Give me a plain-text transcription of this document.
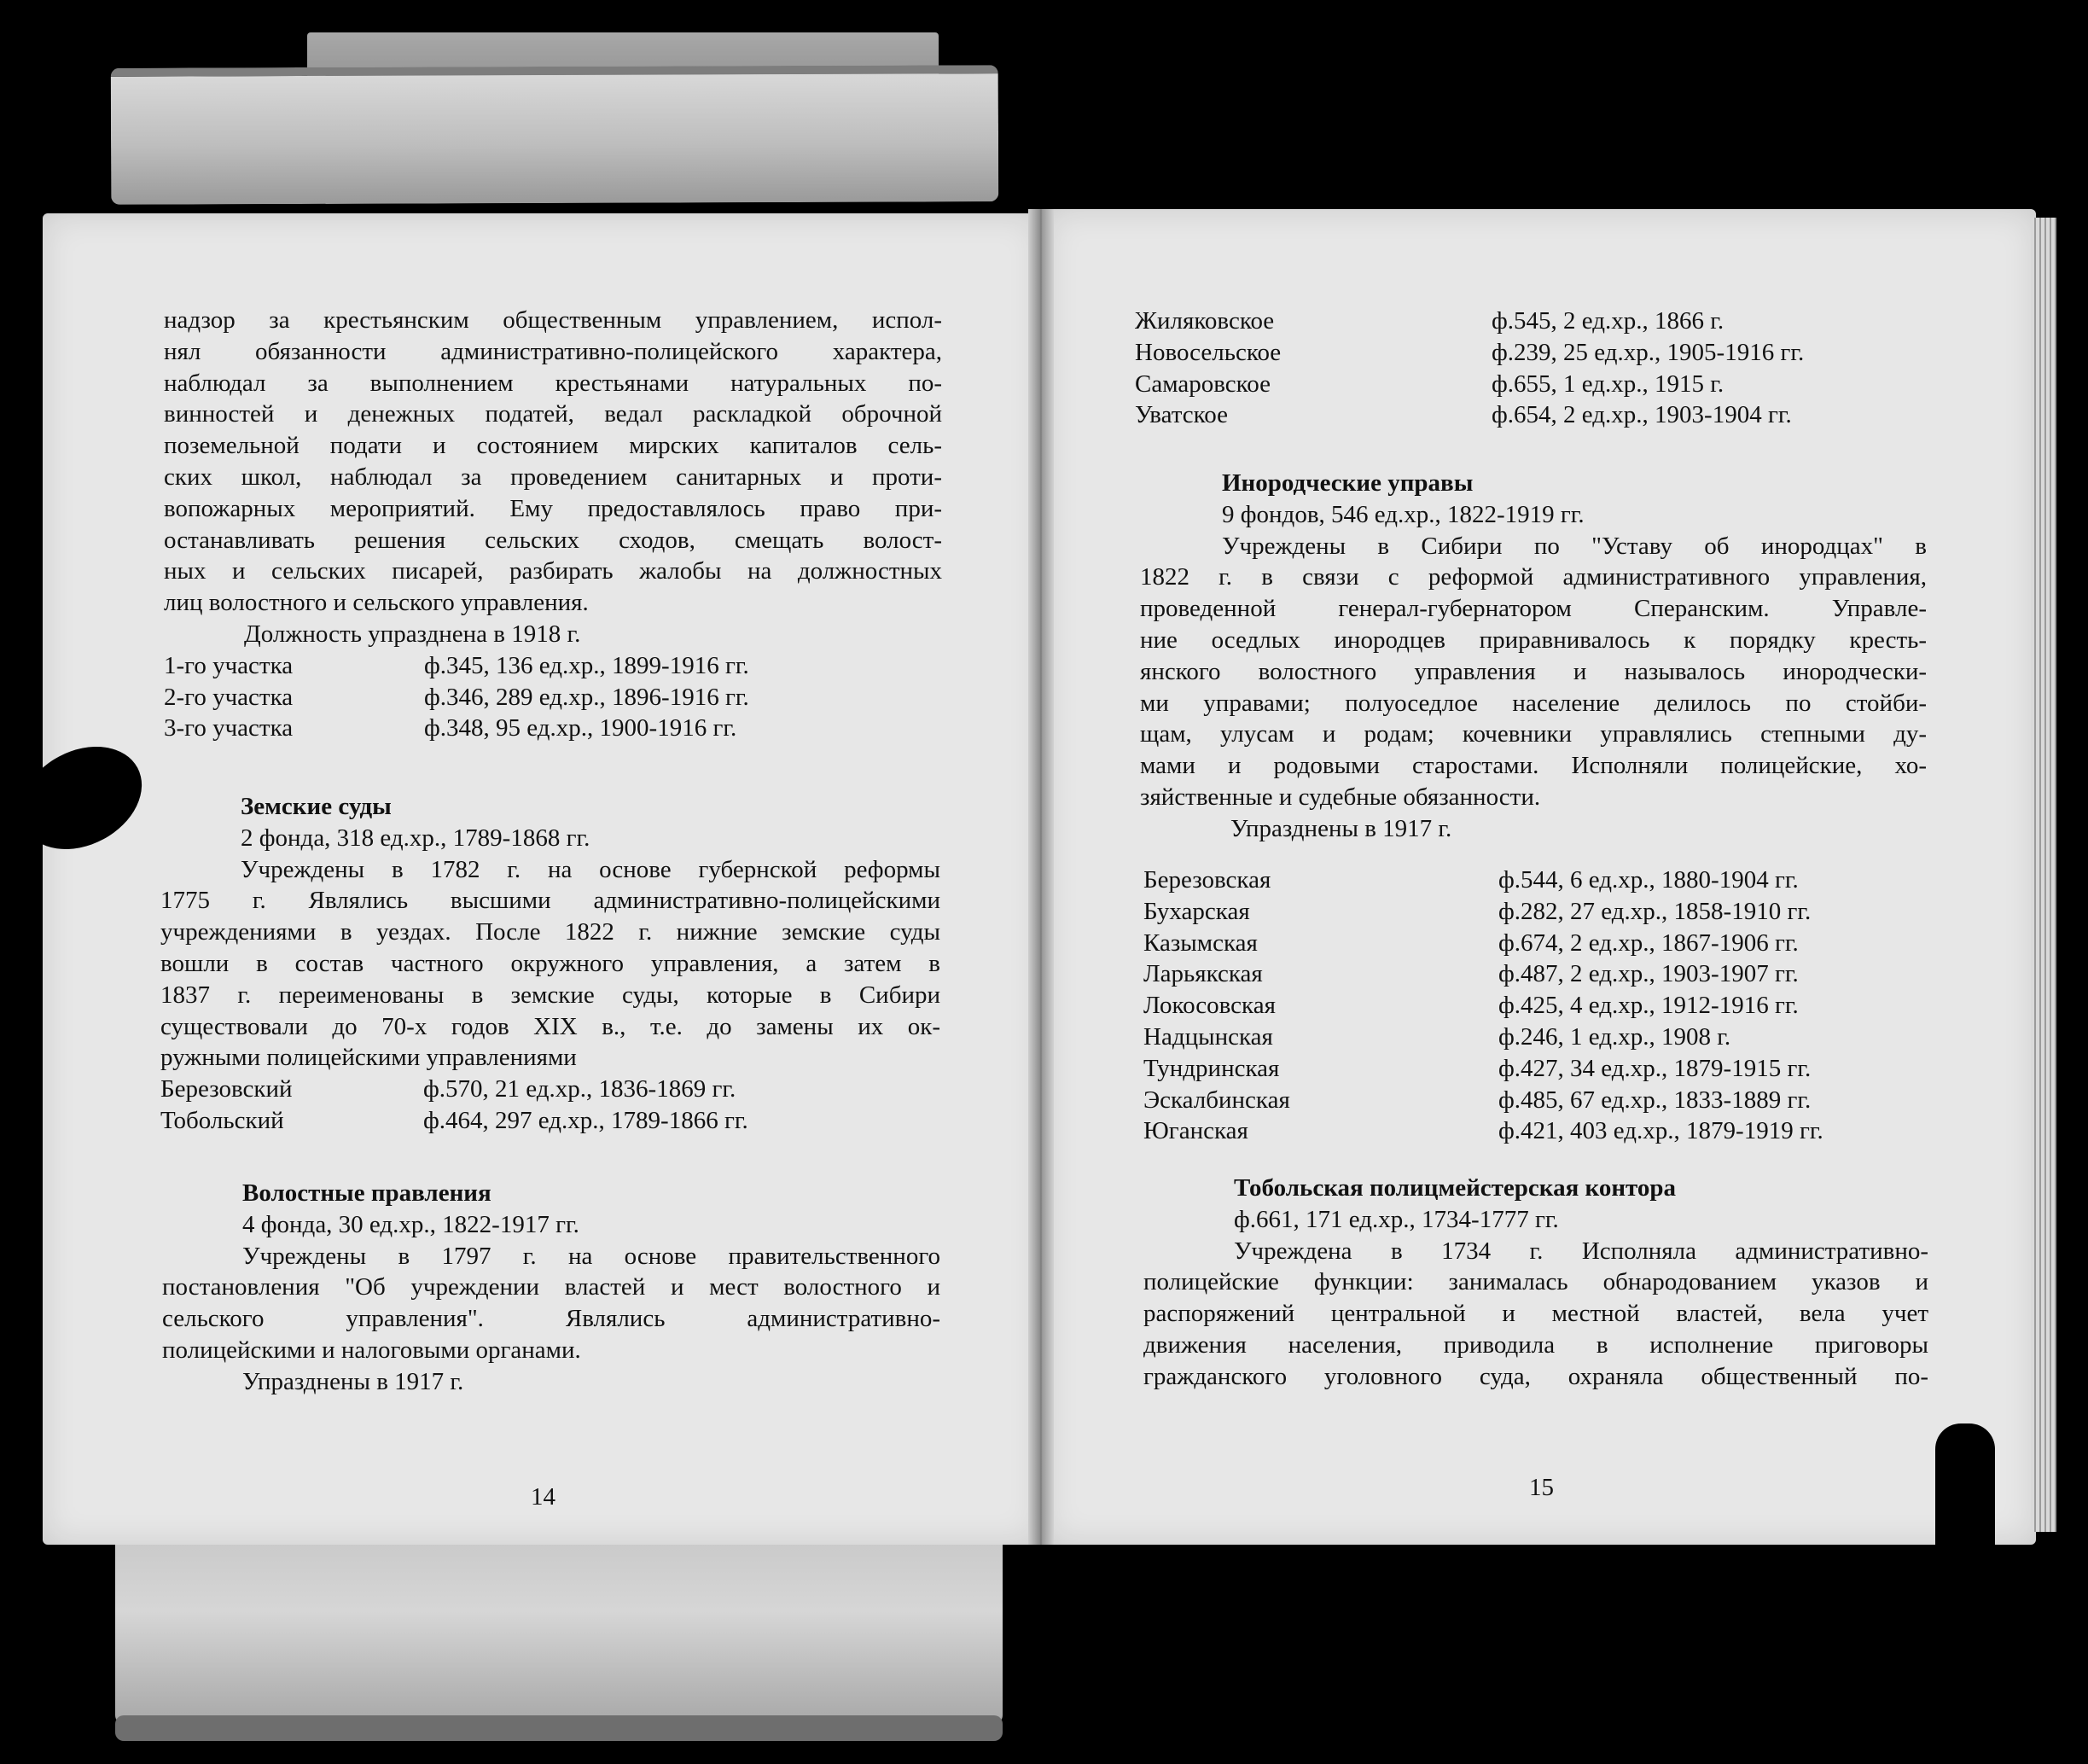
надзор за крестьянским общественным управлением, испол-
нял обязанности административно-полицейского характера,
наблюдал за выполнением крестьянами натуральных по-
винностей и денежных податей, ведал раскладкой оброчной
поземельной подати и состоянием мирских капиталов сель-
ских школ, наблюдал за проведением санитарных и проти-
вопожарных мероприятий. Ему предоставлялось право при-
останавливать решения сельских сходов, смещать волост-
ных и сельских писарей, разбирать жалобы на должностных
лиц волостного и сельского управления.
Должность упразднена в 1918 г.
1-го участка	ф.345, 136 ед.хр., 1899-1916 гг.
2-го участка	ф.346, 289 ед.хр., 1896-1916 гг.
3-го участка	ф.348, 95 ед.хр., 1900-1916 гг.
Земские суды
2 фонда, 318 ед.хр., 1789-1868 гг.
Учреждены в 1782 г. на основе губернской реформы
1775 г. Являлись высшими административно-полицейскими
учреждениями в уездах. После 1822 г. нижние земские суды
вошли в состав частного окружного управления, а затем в
1837 г. переименованы в земские суды, которые в Сибири
существовали до 70-х годов XIX в., т.е. до замены их ок-
ружными полицейскими управлениями
Березовский	ф.570, 21 ед.хр., 1836-1869 гг.
Тобольский	ф.464, 297 ед.хр., 1789-1866 гг.
Волостные правления
4 фонда, 30 ед.хр., 1822-1917 гг.
Учреждены в 1797 г. на основе правительственного
постановления "Об учреждении властей и мест волостного и
сельского управления". Являлись административно-
полицейскими и налоговыми органами.
Упразднены в 1917 г.
14
Жиляковское	ф.545, 2 ед.хр., 1866 г.
Новосельское	ф.239, 25 ед.хр., 1905-1916 гг.
Самаровское	ф.655, 1 ед.хр., 1915 г.
Уватское	ф.654, 2 ед.хр., 1903-1904 гг.
Инородческие управы
9 фондов, 546 ед.хр., 1822-1919 гг.
Учреждены в Сибири по "Уставу об инородцах" в
1822 г. в связи с реформой административного управления,
проведенной генерал-губернатором Сперанским. Управле-
ние оседлых инородцев приравнивалось к порядку кресть-
янского волостного управления и называлось инородчески-
ми управами; полуоседлое население делилось по стойби-
щам, улусам и родам; кочевники управлялись степными ду-
мами и родовыми старостами. Исполняли полицейские, хо-
зяйственные и судебные обязанности.
Упразднены в 1917 г.
Березовская	ф.544, 6 ед.хр., 1880-1904 гг.
Бухарская	ф.282, 27 ед.хр., 1858-1910 гг.
Казымская	ф.674, 2 ед.хр., 1867-1906 гг.
Ларьякская	ф.487, 2 ед.хр., 1903-1907 гг.
Локосовская	ф.425, 4 ед.хр., 1912-1916 гг.
Надцынская	ф.246, 1 ед.хр., 1908 г.
Тундринская	ф.427, 34 ед.хр., 1879-1915 гг.
Эскалбинская	ф.485, 67 ед.хр., 1833-1889 гг.
Юганская	ф.421, 403 ед.хр., 1879-1919 гг.
Тобольская полицмейстерская контора
ф.661, 171 ед.хр., 1734-1777 гг.
Учреждена в 1734 г. Исполняла административно-
полицейские функции: занималась обнародованием указов и
распоряжений центральной и местной властей, вела учет
движения населения, приводила в исполнение приговоры
гражданского уголовного суда, охраняла общественный по-
15
